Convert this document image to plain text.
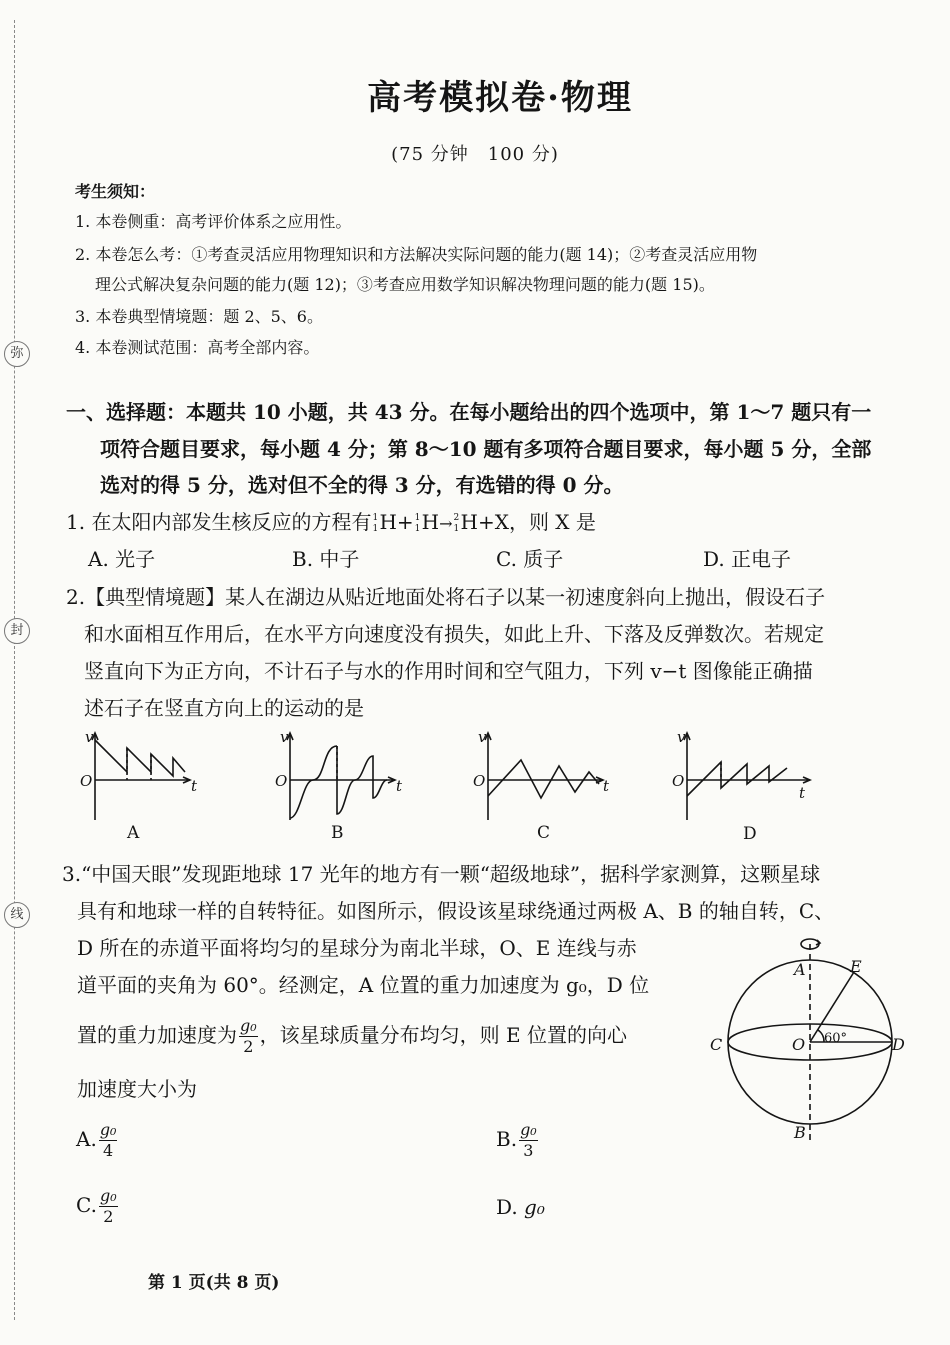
弥
封
线
高考模拟卷·物理
(75 分钟　100 分)
考生须知：
1. 本卷侧重：高考评价体系之应用性。
2. 本卷怎么考：①考查灵活应用物理知识和方法解决实际问题的能力(题 14)；②考查灵活应用物
理公式解决复杂问题的能力(题 12)；③考查应用数学知识解决物理问题的能力(题 15)。
3. 本卷典型情境题：题 2、5、6。
4. 本卷测试范围：高考全部内容。
一、选择题：本题共 10 小题，共 43 分。在每小题给出的四个选项中，第 1～7 题只有一
项符合题目要求，每小题 4 分；第 8～10 题有多项符合题目要求，每小题 5 分，全部
选对的得 5 分，选对但不全的得 3 分，有选错的得 0 分。
1. 在太阳内部发生核反应的方程有 1
1 H+ 1
1 H→ 2
1 H+X，则 X 是
A. 光子	B. 中子	C. 质子	D. 正电子
2.【典型情境题】某人在湖边从贴近地面处将石子以某一初速度斜向上抛出，假设石子
和水面相互作用后，在水平方向速度没有损失，如此上升、下落及反弹数次。若规定
竖直向下为正方向，不计石子与水的作用时间和空气阻力，下列 v−t 图像能正确描
述石子在竖直方向上的运动的是
v
O	t
v
O	t
v
O	t
v
O
t
A	B	C	D
3.“中国天眼”发现距地球 17 光年的地方有一颗“超级地球”，据科学家测算，这颗星球
具有和地球一样的自转特征。如图所示，假设该星球绕通过两极 A、B 的轴自转，C、
D 所在的赤道平面将均匀的星球分为南北半球，O、E 连线与赤
道平面的夹角为 60°。经测定，A 位置的重力加速度为 g₀，D 位
置的重力加速度为 $\frac{\text{g₀}}{2}$ ，该星球质量分布均匀，则 E 位置的向心
加速度大小为
A	E
C	O	D
B
60°
A. $\frac{\text{g₀}}{4}$	B. $\frac{\text{g₀}}{3}$
C. $\frac{\text{g₀}}{2}$	D. g₀
第 1 页(共 8 页)
